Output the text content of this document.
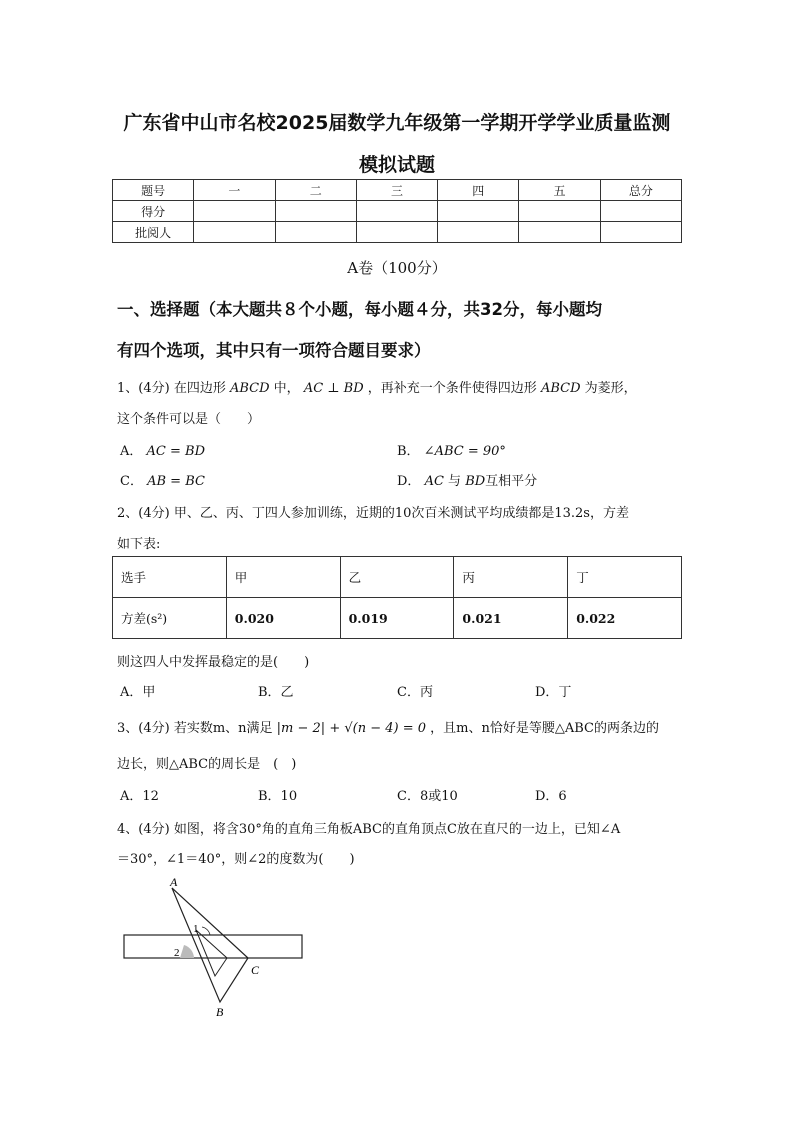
广东省中山市名校2025届数学九年级第一学期开学学业质量监测
模拟试题
题号	一	二	三	四	五	总分
得分						
批阅人						
A卷（100分）
一、选择题（本大题共８个小题，每小题４分，共32分，每小题均
有四个选项，其中只有一项符合题目要求）
1、(4分) 在四边形 ABCD 中， AC ⊥ BD ，再补充一个条件使得四边形 ABCD 为菱形，
这个条件可以是（　　）
A． AC = BD	B． ∠ABC = 90°
C． AB = BC	D． AC 与 BD互相平分
2、(4分) 甲、乙、丙、丁四人参加训练，近期的10次百米测试平均成绩都是13.2s，方差
如下表:
选手	甲	乙	丙	丁
方差(s²)	0.020	0.019	0.021	0.022
则这四人中发挥最稳定的是(　　)
A．甲	B．乙	C．丙	D．丁
3、(4分) 若实数m、n满足 |m − 2| + √(n − 4) = 0 ，且m、n恰好是等腰△ABC的两条边的
边长，则△ABC的周长是　(　)
A．12	B．10	C．8或10	D．6
4、(4分) 如图，将含30°角的直角三角板ABC的直角顶点C放在直尺的一边上，已知∠A
＝30°，∠1＝40°，则∠2的度数为(　　)
A
B
C
1
2
